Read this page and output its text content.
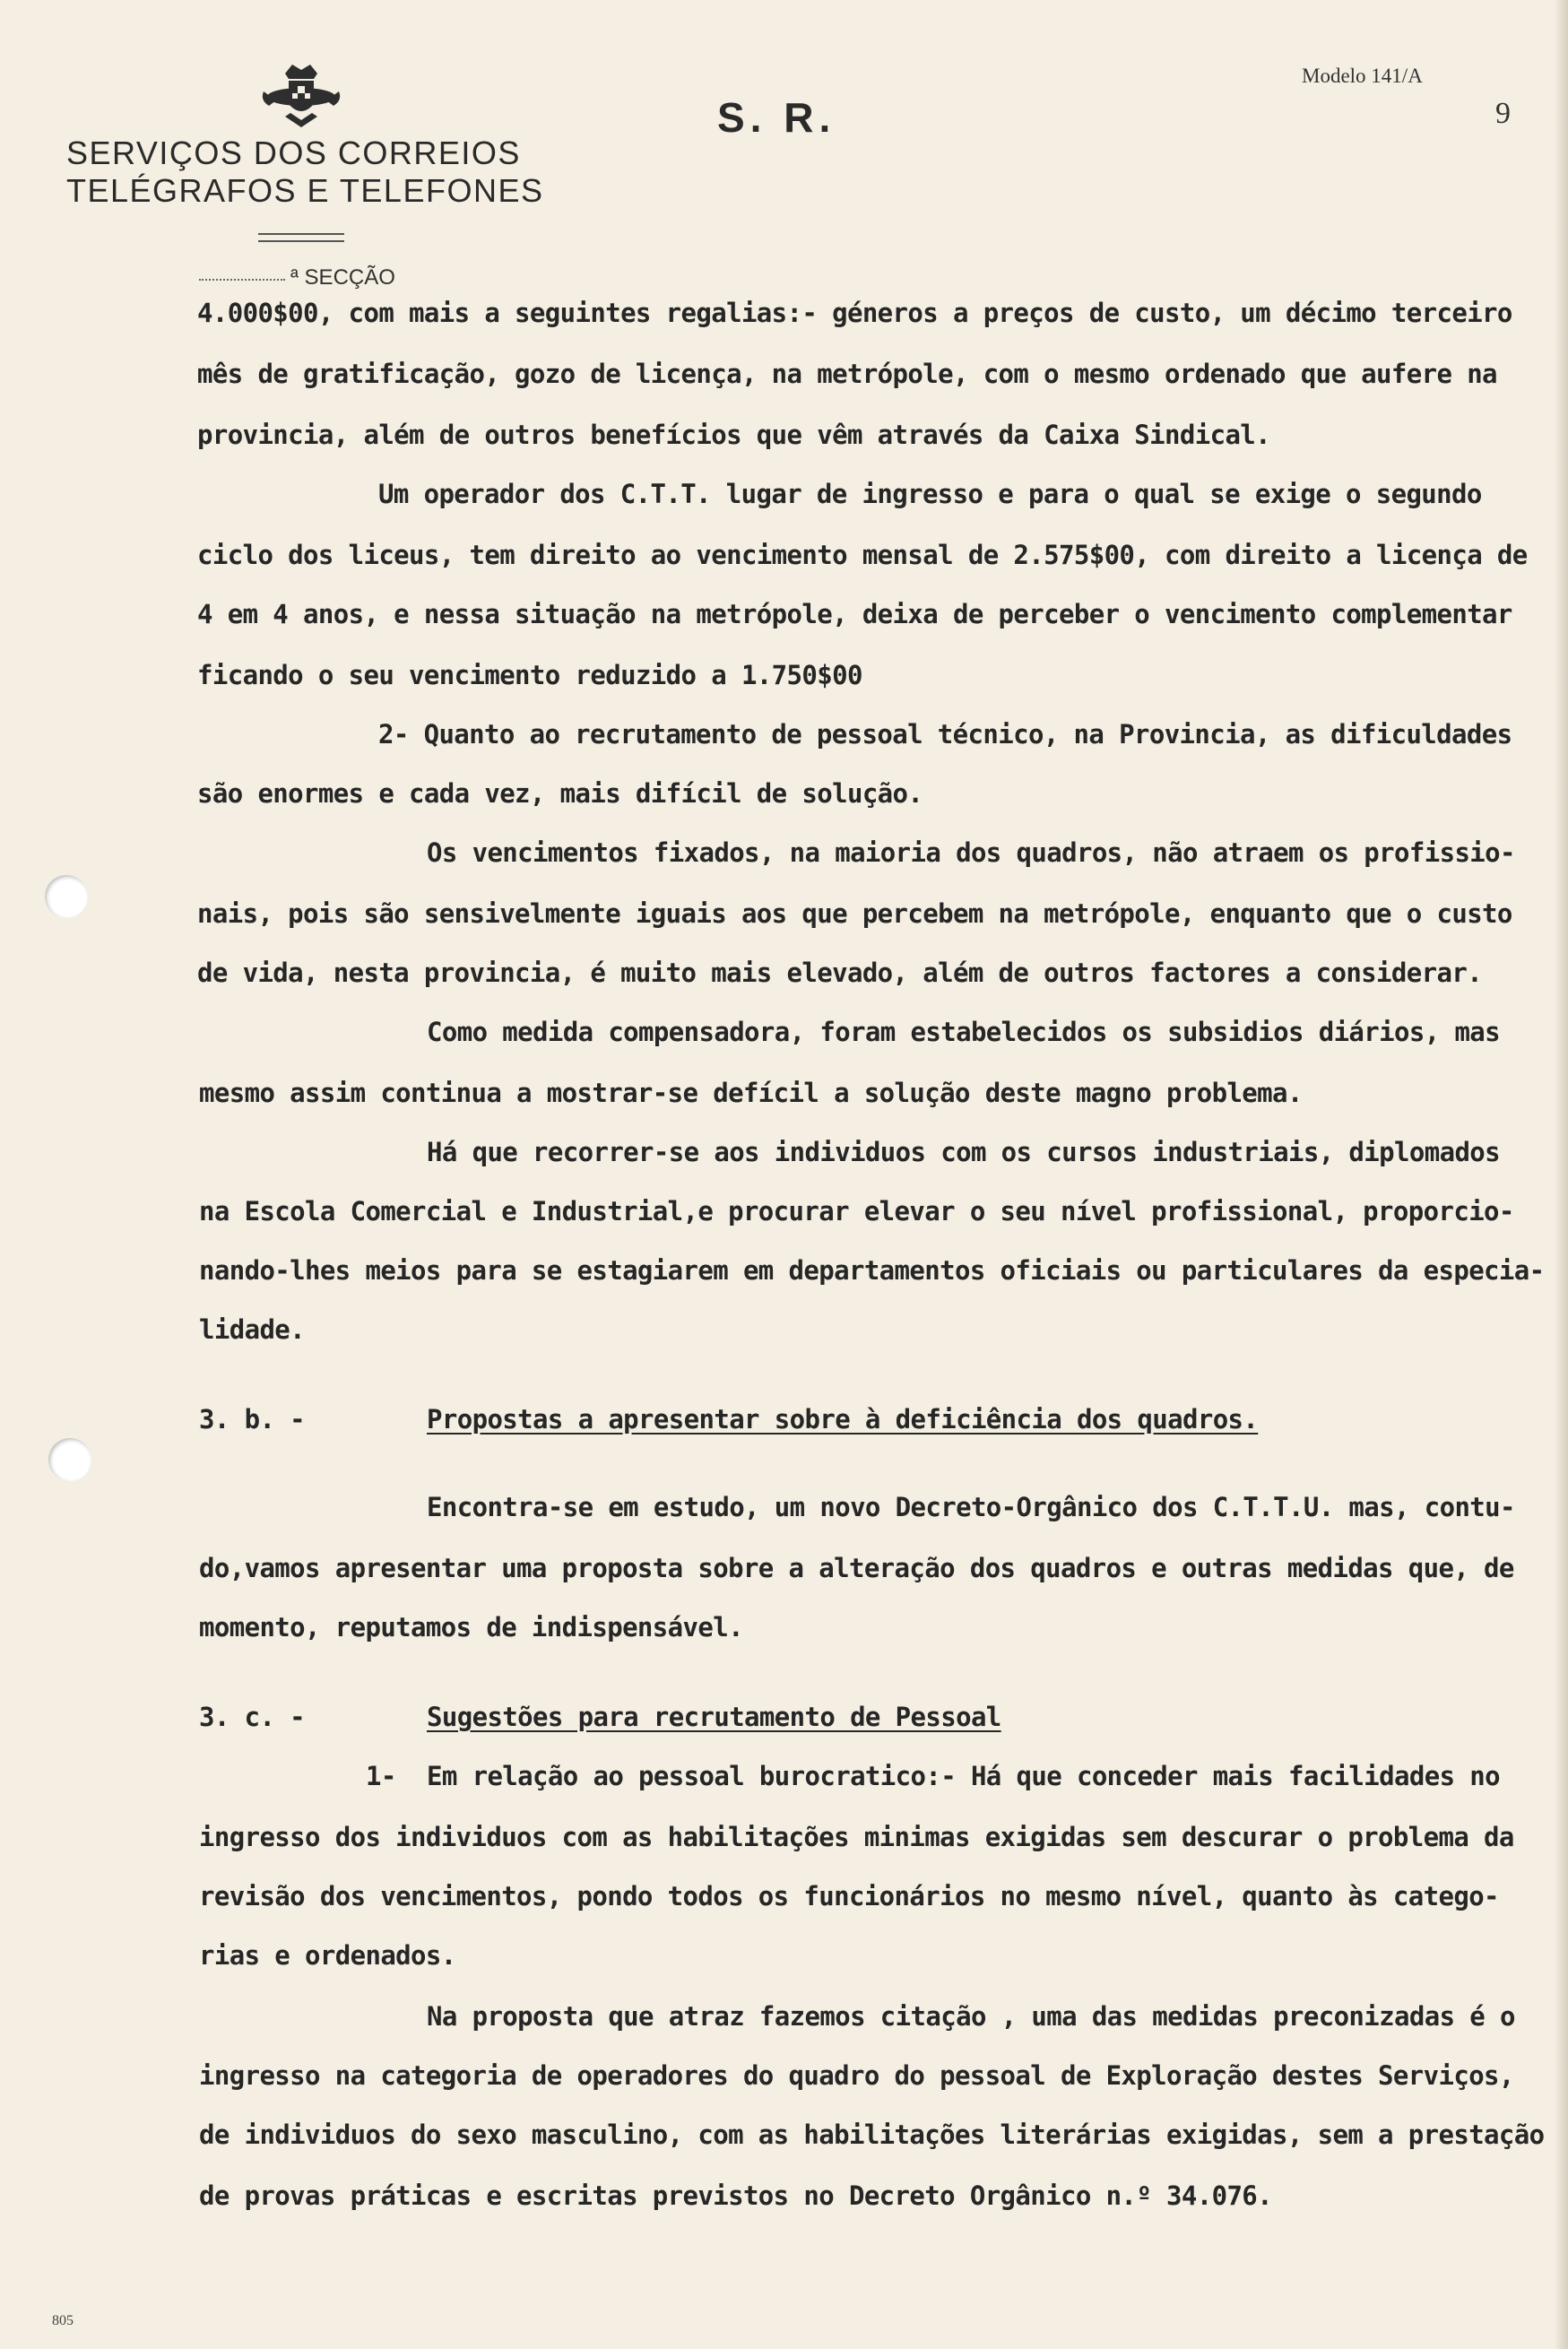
SERVIÇOS DOS CORREIOS
TELÉGRAFOS E TELEFONES
S. R.
Modelo 141/A
9
ª SECÇÃO

4.000$00, com mais a seguintes regalias:- géneros a preços de custo, um décimo terceiro

mês de gratificação, gozo de licença, na metrópole, com o mesmo ordenado que aufere na

provincia, além de outros benefícios que vêm através da Caixa Sindical.

Um operador dos C.T.T. lugar de ingresso e para o qual se exige o segundo

ciclo dos liceus, tem direito ao vencimento mensal de 2.575$00, com direito a licença de

4 em 4 anos, e nessa situação na metrópole, deixa de perceber o vencimento complementar

ficando o seu vencimento reduzido a 1.750$00

2- Quanto ao recrutamento de pessoal técnico, na Provincia, as dificuldades

são enormes e cada vez, mais difícil de solução.

Os vencimentos fixados, na maioria dos quadros, não atraem os profissio-

nais, pois são sensivelmente iguais aos que percebem na metrópole, enquanto que o custo

de vida, nesta provincia, é muito mais elevado, além de outros factores a considerar.

Como medida compensadora, foram estabelecidos os subsidios diários, mas

mesmo assim continua a mostrar-se defícil a solução deste magno problema.

Há que recorrer-se aos individuos com os cursos industriais, diplomados

na Escola Comercial e Industrial,e procurar elevar o seu nível profissional, proporcio-

nando-lhes meios para se estagiarem em departamentos oficiais ou particulares da especia-

lidade.

3. b. -	Propostas a apresentar sobre à deficiência dos quadros.

Encontra-se em estudo, um novo Decreto-Orgânico dos C.T.T.U. mas, contu-

do,vamos apresentar uma proposta sobre a alteração dos quadros e outras medidas que, de

momento, reputamos de indispensável.

3. c. -	Sugestões para recrutamento de Pessoal

1- Em relação ao pessoal burocratico:- Há que conceder mais facilidades no

ingresso dos individuos com as habilitações minimas exigidas sem descurar o problema da

revisão dos vencimentos, pondo todos os funcionários no mesmo nível, quanto às catego-

rias e ordenados.

Na proposta que atraz fazemos citação , uma das medidas preconizadas é o

ingresso na categoria de operadores do quadro do pessoal de Exploração destes Serviços,

de individuos do sexo masculino, com as habilitações literárias exigidas, sem a prestação

de provas práticas e escritas previstos no Decreto Orgânico n.º 34.076.

805
